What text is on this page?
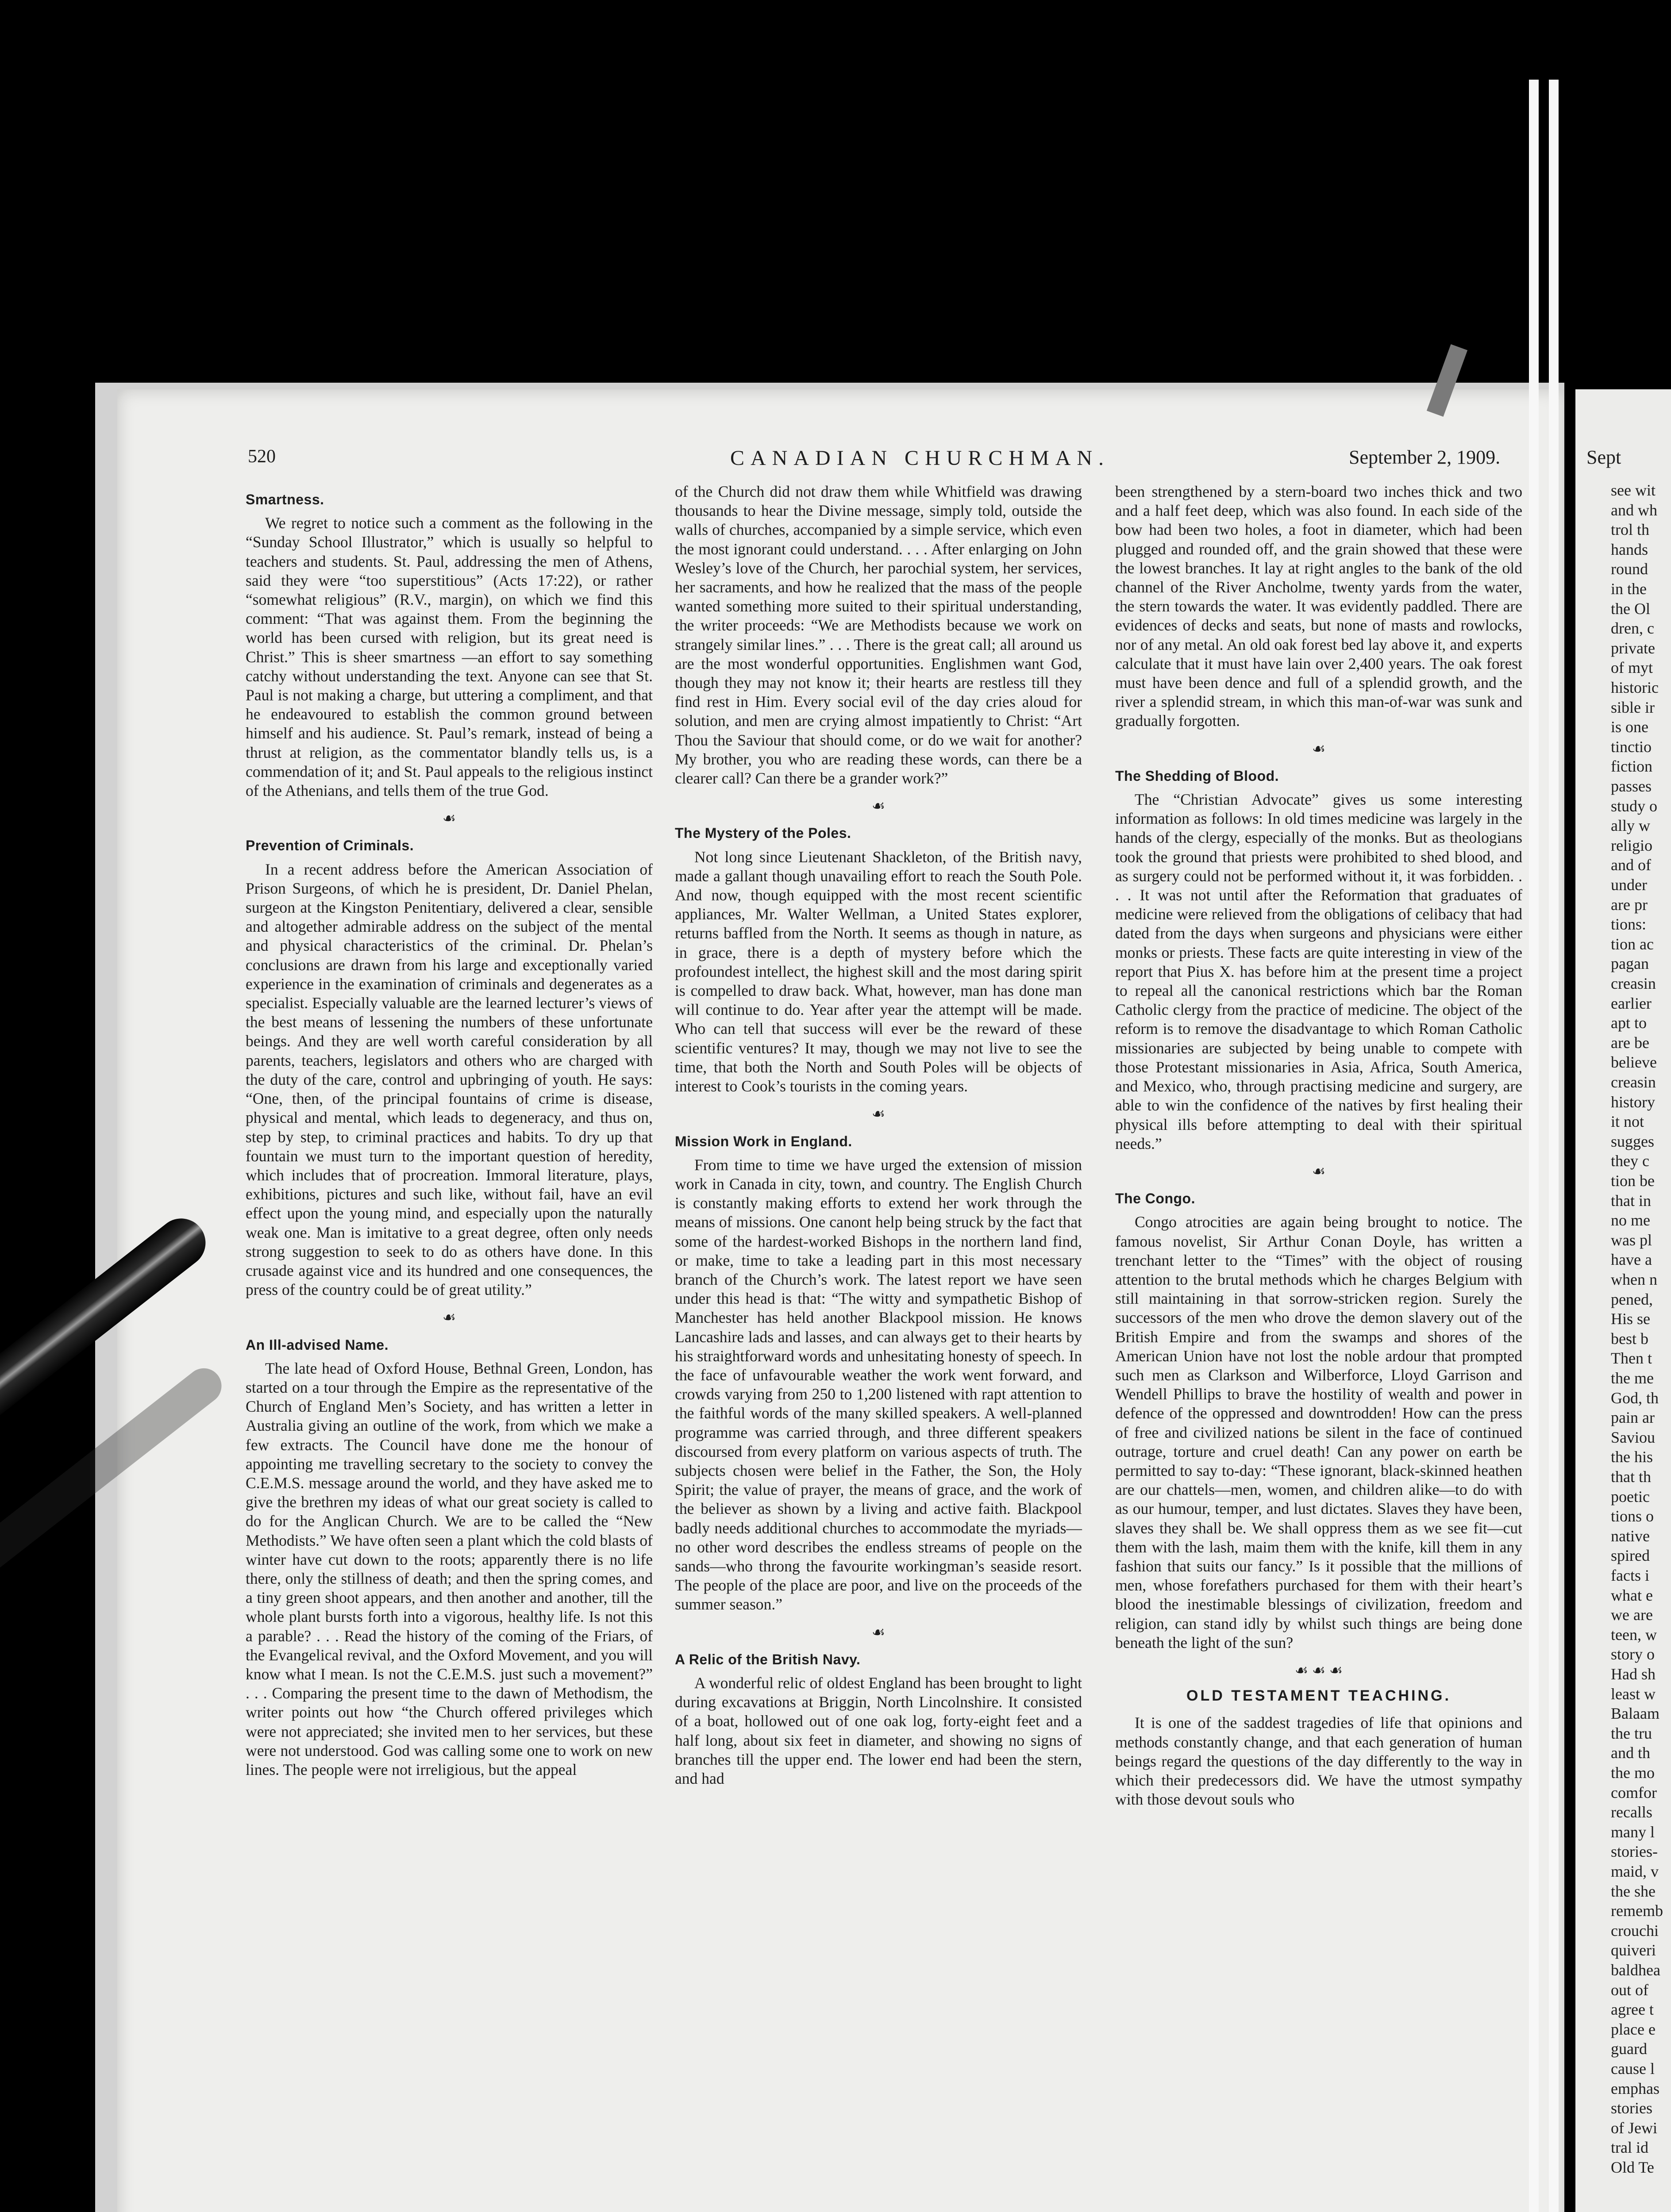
see wit
and wh
trol th
hands
round
in the
the Ol
dren, c
private
of myt
historic
sible ir
is one
tinctio
fiction
passes
study o
ally w
religio
and of
under
are pr
tions:
tion ac
pagan
creasin
earlier
apt to
are be
believe
creasin
history
it not
sugges
they c
tion be
that in
no me
was pl
have a
when n
pened,
His se
best b
Then t
the me
God, th
pain ar
Saviou
the his
that th
poetic
tions o
native
spired
facts i
what e
we are
teen, w
story o
Had sh
least w
Balaam
the tru
and th
the mo
comfor
recalls
many l
stories-
maid, v
the she
rememb
crouchi
quiveri
baldhea
out of
agree t
place e
guard
cause l
emphas
stories
of Jewi
tral id
Old Te
520	CANADIAN CHURCHMAN.	September 2, 1909.	Sept
Smartness.

We regret to notice such a comment as the following in the “Sunday School Illustrator,” which is usually so helpful to teachers and students. St. Paul, addressing the men of Athens, said they were “too superstitious” (Acts 17:22), or rather “somewhat religious” (R.V., margin), on which we find this comment: “That was against them. From the beginning the world has been cursed with religion, but its great need is Christ.” This is sheer smartness —an effort to say something catchy without understanding the text. Anyone can see that St. Paul is not making a charge, but uttering a compliment, and that he endeavoured to establish the common ground between himself and his audience. St. Paul’s remark, instead of being a thrust at religion, as the commentator blandly tells us, is a commendation of it; and St. Paul appeals to the religious instinct of the Athenians, and tells them of the true God.

☙
Prevention of Criminals.

In a recent address before the American Association of Prison Surgeons, of which he is president, Dr. Daniel Phelan, surgeon at the Kingston Penitentiary, delivered a clear, sensible and altogether admirable address on the subject of the mental and physical characteristics of the criminal. Dr. Phelan’s conclusions are drawn from his large and exceptionally varied experience in the examination of criminals and degenerates as a specialist. Especially valuable are the learned lecturer’s views of the best means of lessening the numbers of these unfortunate beings. And they are well worth careful consideration by all parents, teachers, legislators and others who are charged with the duty of the care, control and upbringing of youth. He says: “One, then, of the principal fountains of crime is disease, physical and mental, which leads to degeneracy, and thus on, step by step, to criminal practices and habits. To dry up that fountain we must turn to the important question of heredity, which includes that of procreation. Immoral literature, plays, exhibitions, pictures and such like, without fail, have an evil effect upon the young mind, and especially upon the naturally weak one. Man is imitative to a great degree, often only needs strong suggestion to seek to do as others have done. In this crusade against vice and its hundred and one consequences, the press of the country could be of great utility.”

☙
An Ill-advised Name.

The late head of Oxford House, Bethnal Green, London, has started on a tour through the Empire as the representative of the Church of England Men’s Society, and has written a letter in Australia giving an outline of the work, from which we make a few extracts. The Council have done me the honour of appointing me travelling secretary to the society to convey the C.E.M.S. message around the world, and they have asked me to give the brethren my ideas of what our great society is called to do for the Anglican Church. We are to be called the “New Methodists.” We have often seen a plant which the cold blasts of winter have cut down to the roots; apparently there is no life there, only the stillness of death; and then the spring comes, and a tiny green shoot appears, and then another and another, till the whole plant bursts forth into a vigorous, healthy life. Is not this a parable? . . . Read the history of the coming of the Friars, of the Evangelical revival, and the Oxford Movement, and you will know what I mean. Is not the C.E.M.S. just such a movement?” . . . Comparing the present time to the dawn of Methodism, the writer points out how “the Church offered privileges which were not appreciated; she invited men to her services, but these were not understood. God was calling some one to work on new lines. The people were not irreligious, but the appeal

of the Church did not draw them while Whitfield was drawing thousands to hear the Divine message, simply told, outside the walls of churches, accompanied by a simple service, which even the most ignorant could understand. . . . After enlarging on John Wesley’s love of the Church, her parochial system, her services, her sacraments, and how he realized that the mass of the people wanted something more suited to their spiritual understanding, the writer proceeds: “We are Methodists because we work on strangely similar lines.” . . . There is the great call; all around us are the most wonderful opportunities. Englishmen want God, though they may not know it; their hearts are restless till they find rest in Him. Every social evil of the day cries aloud for solution, and men are crying almost impatiently to Christ: “Art Thou the Saviour that should come, or do we wait for another? My brother, you who are reading these words, can there be a clearer call? Can there be a grander work?”

☙
The Mystery of the Poles.

Not long since Lieutenant Shackleton, of the British navy, made a gallant though unavailing effort to reach the South Pole. And now, though equipped with the most recent scientific appliances, Mr. Walter Wellman, a United States explorer, returns baffled from the North. It seems as though in nature, as in grace, there is a depth of mystery before which the profoundest intellect, the highest skill and the most daring spirit is compelled to draw back. What, however, man has done man will continue to do. Year after year the attempt will be made. Who can tell that success will ever be the reward of these scientific ventures? It may, though we may not live to see the time, that both the North and South Poles will be objects of interest to Cook’s tourists in the coming years.

☙
Mission Work in England.

From time to time we have urged the extension of mission work in Canada in city, town, and country. The English Church is constantly making efforts to extend her work through the means of missions. One canont help being struck by the fact that some of the hardest-worked Bishops in the northern land find, or make, time to take a leading part in this most necessary branch of the Church’s work. The latest report we have seen under this head is that: “The witty and sympathetic Bishop of Manchester has held another Blackpool mission. He knows Lancashire lads and lasses, and can always get to their hearts by his straightforward words and unhesitating honesty of speech. In the face of unfavourable weather the work went forward, and crowds varying from 250 to 1,200 listened with rapt attention to the faithful words of the many skilled speakers. A well-planned programme was carried through, and three different speakers discoursed from every platform on various aspects of truth. The subjects chosen were belief in the Father, the Son, the Holy Spirit; the value of prayer, the means of grace, and the work of the believer as shown by a living and active faith. Blackpool badly needs additional churches to accommodate the myriads—no other word describes the endless streams of people on the sands—who throng the favourite workingman’s seaside resort. The people of the place are poor, and live on the proceeds of the summer season.”

☙
A Relic of the British Navy.

A wonderful relic of oldest England has been brought to light during excavations at Briggin, North Lincolnshire. It consisted of a boat, hollowed out of one oak log, forty-eight feet and a half long, about six feet in diameter, and showing no signs of branches till the upper end. The lower end had been the stern, and had

been strengthened by a stern-board two inches thick and two and a half feet deep, which was also found. In each side of the bow had been two holes, a foot in diameter, which had been plugged and rounded off, and the grain showed that these were the lowest branches. It lay at right angles to the bank of the old channel of the River Ancholme, twenty yards from the water, the stern towards the water. It was evidently paddled. There are evidences of decks and seats, but none of masts and rowlocks, nor of any metal. An old oak forest bed lay above it, and experts calculate that it must have lain over 2,400 years. The oak forest must have been dence and full of a splendid growth, and the river a splendid stream, in which this man-of-war was sunk and gradually forgotten.

☙
The Shedding of Blood.

The “Christian Advocate” gives us some interesting information as follows: In old times medicine was largely in the hands of the clergy, especially of the monks. But as theologians took the ground that priests were prohibited to shed blood, and as surgery could not be performed without it, it was forbidden. . . . It was not until after the Reformation that graduates of medicine were relieved from the obligations of celibacy that had dated from the days when surgeons and physicians were either monks or priests. These facts are quite interesting in view of the report that Pius X. has before him at the present time a project to repeal all the canonical restrictions which bar the Roman Catholic clergy from the practice of medicine. The object of the reform is to remove the disadvantage to which Roman Catholic missionaries are subjected by being unable to compete with those Protestant missionaries in Asia, Africa, South America, and Mexico, who, through practising medicine and surgery, are able to win the confidence of the natives by first healing their physical ills before attempting to deal with their spiritual needs.”

☙
The Congo.

Congo atrocities are again being brought to notice. The famous novelist, Sir Arthur Conan Doyle, has written a trenchant letter to the “Times” with the object of rousing attention to the brutal methods which he charges Belgium with still maintaining in that sorrow-stricken region. Surely the successors of the men who drove the demon slavery out of the British Empire and from the swamps and shores of the American Union have not lost the noble ardour that prompted such men as Clarkson and Wilberforce, Lloyd Garrison and Wendell Phillips to brave the hostility of wealth and power in defence of the oppressed and downtrodden! How can the press of free and civilized nations be silent in the face of continued outrage, torture and cruel death! Can any power on earth be permitted to say to-day: “These ignorant, black-skinned heathen are our chattels—men, women, and children alike—to do with as our humour, temper, and lust dictates. Slaves they have been, slaves they shall be. We shall oppress them as we see fit—cut them with the lash, maim them with the knife, kill them in any fashion that suits our fancy.” Is it possible that the millions of men, whose forefathers purchased for them with their heart’s blood the inestimable blessings of civilization, freedom and religion, can stand idly by whilst such things are being done beneath the light of the sun?

☙ ☙ ☙
OLD TESTAMENT TEACHING.

It is one of the saddest tragedies of life that opinions and methods constantly change, and that each generation of human beings regard the questions of the day differently to the way in which their predecessors did. We have the utmost sympathy with those devout souls who
